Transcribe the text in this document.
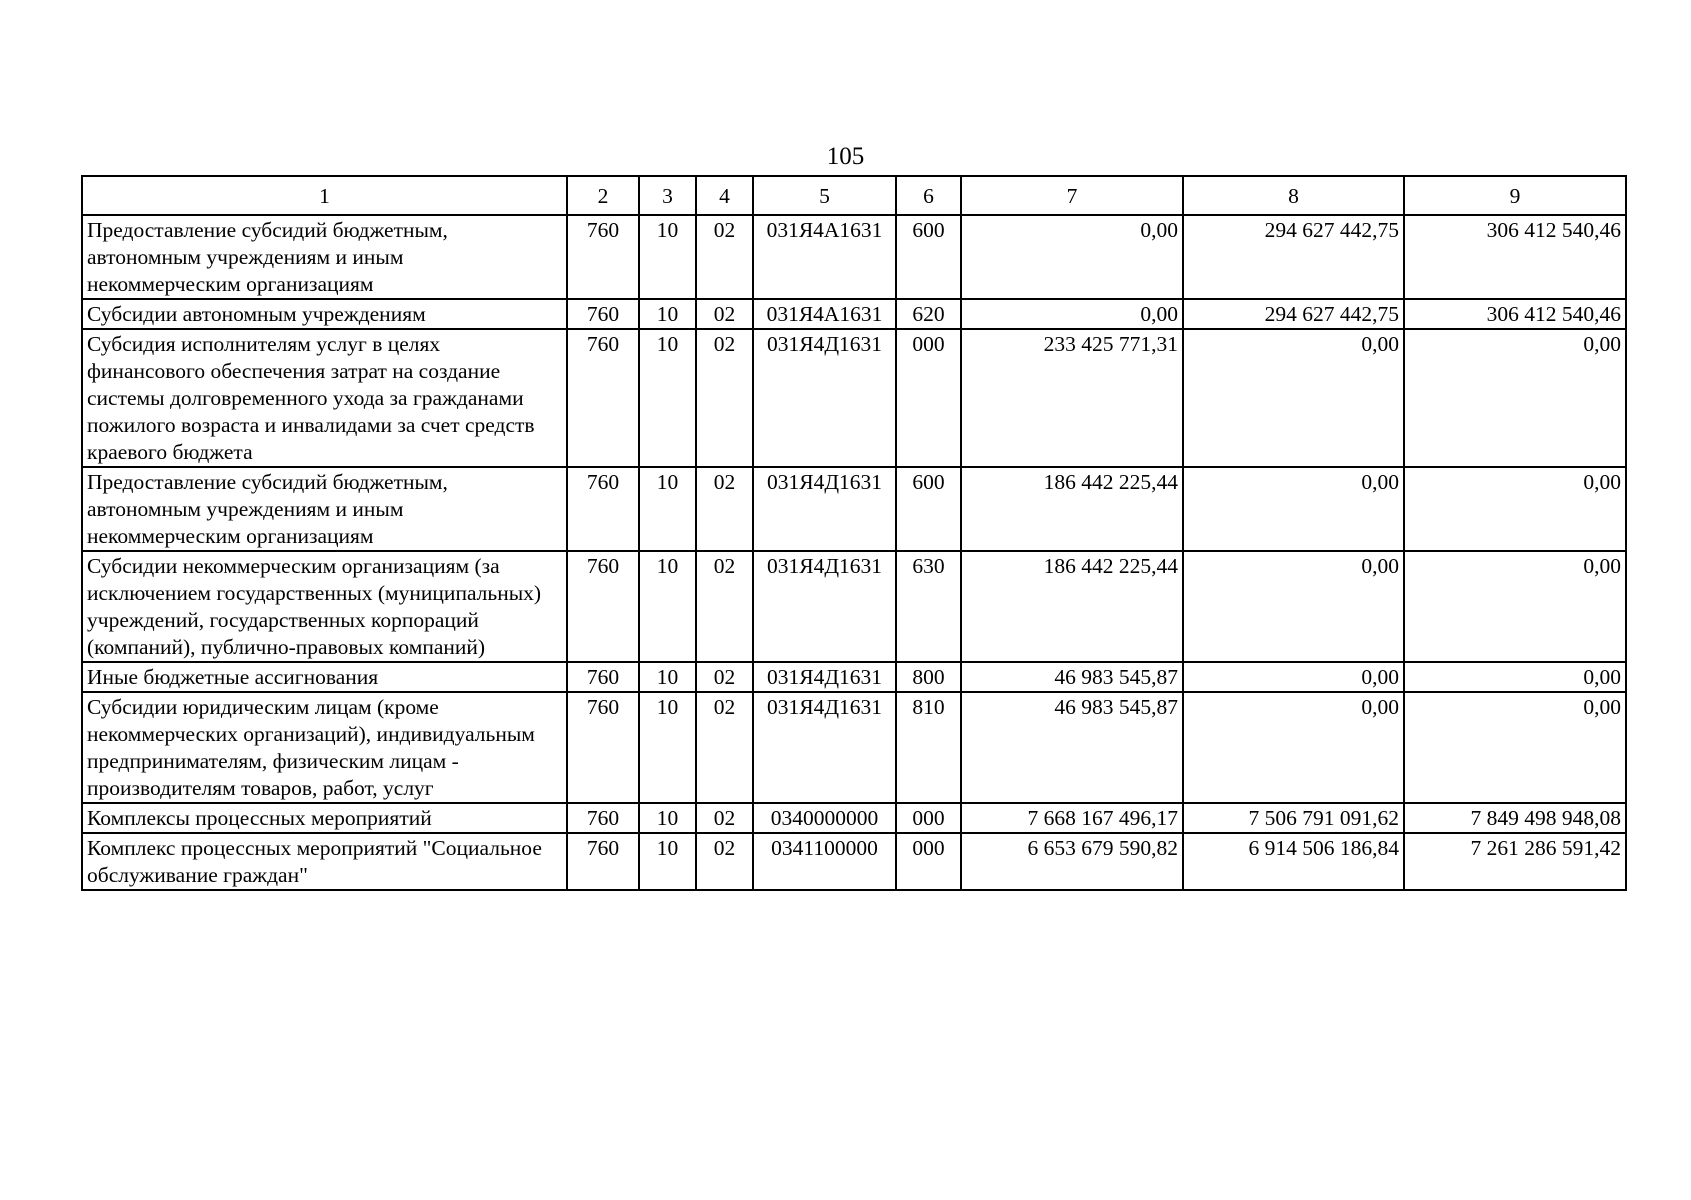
105
1	2	3	4	5	6	7	8	9
Предоставление субсидий бюджетным, автономным учреждениям и иным некоммерческим организациям	760	10	02	031Я4А1631	600	0,00	294 627 442,75	306 412 540,46
Субсидии автономным учреждениям	760	10	02	031Я4А1631	620	0,00	294 627 442,75	306 412 540,46
Субсидия исполнителям услуг в целях финансового обеспечения затрат на создание системы долговременного ухода за гражданами пожилого возраста и инвалидами за счет средств краевого бюджета	760	10	02	031Я4Д1631	000	233 425 771,31	0,00	0,00
Предоставление субсидий бюджетным, автономным учреждениям и иным некоммерческим организациям	760	10	02	031Я4Д1631	600	186 442 225,44	0,00	0,00
Субсидии некоммерческим организациям (за исключением государственных (муниципальных) учреждений, государственных корпораций (компаний), публично-правовых компаний)	760	10	02	031Я4Д1631	630	186 442 225,44	0,00	0,00
Иные бюджетные ассигнования	760	10	02	031Я4Д1631	800	46 983 545,87	0,00	0,00
Субсидии юридическим лицам (кроме некоммерческих организаций), индивидуальным предпринимателям, физическим лицам - производителям товаров, работ, услуг	760	10	02	031Я4Д1631	810	46 983 545,87	0,00	0,00
Комплексы процессных мероприятий	760	10	02	0340000000	000	7 668 167 496,17	7 506 791 091,62	7 849 498 948,08
Комплекс процессных мероприятий "Социальное обслуживание граждан"	760	10	02	0341100000	000	6 653 679 590,82	6 914 506 186,84	7 261 286 591,42
